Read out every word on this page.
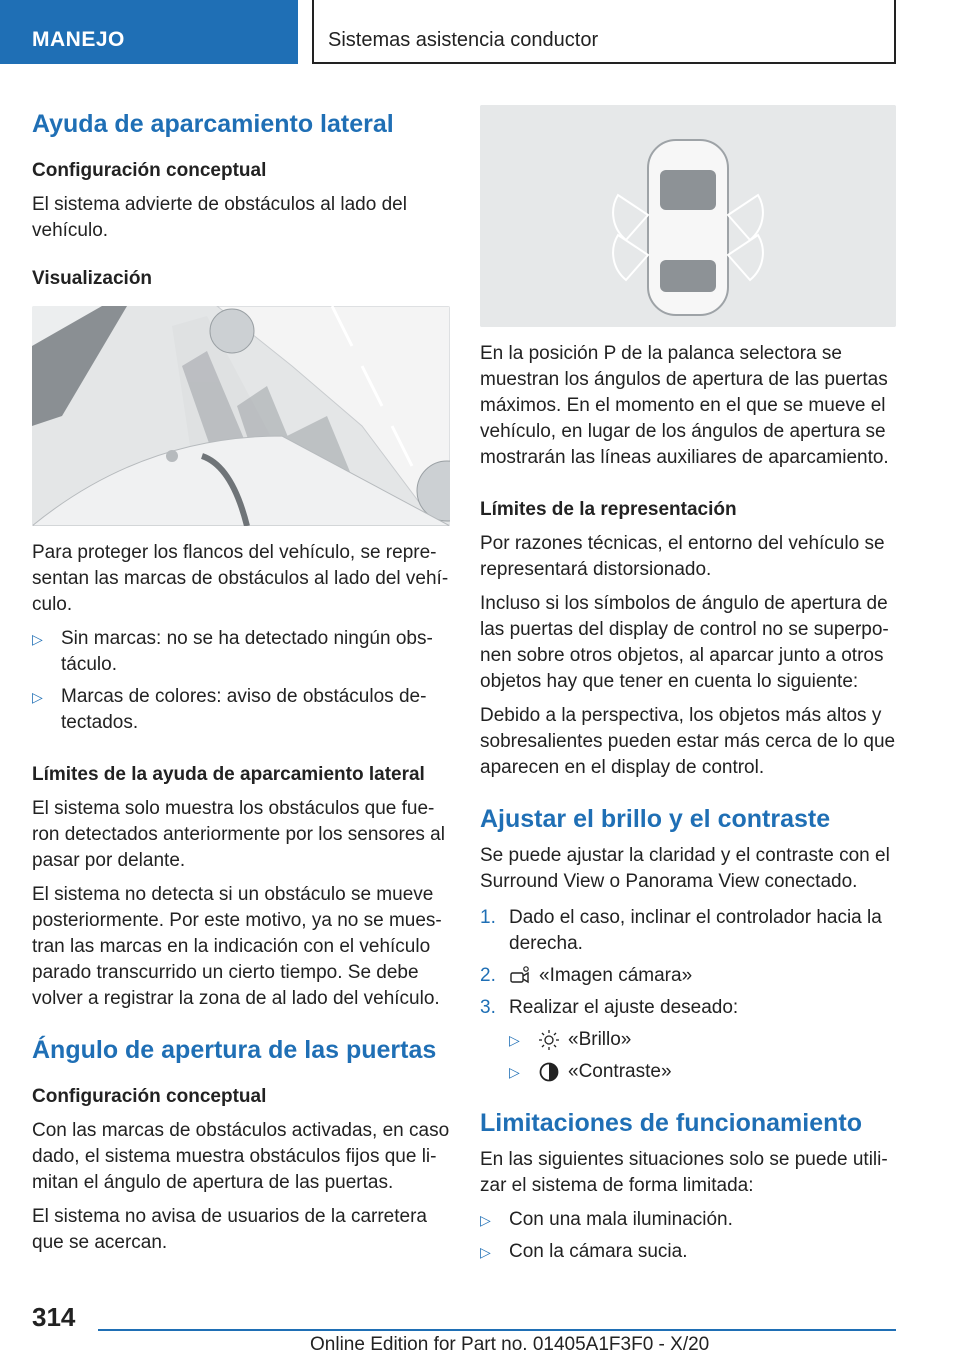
MANEJO	Sistemas asistencia conductor
Ayuda de aparcamiento lateral
Configuración conceptual

El sistema advierte de obstáculos al lado del vehículo.

Visualización

Para proteger los flancos del vehículo, se representan las marcas de obstáculos al lado del vehículo.

▷ Sin marcas: no se ha detectado ningún obstáculo.
▷ Marcas de colores: aviso de obstáculos detectados.
Límites de la ayuda de aparcamiento lateral

El sistema solo muestra los obstáculos que fueron detectados anteriormente por los sensores al pasar por delante.

El sistema no detecta si un obstáculo se mueve posteriormente. Por este motivo, ya no se muestran las marcas en la indicación con el vehículo parado transcurrido un cierto tiempo. Se debe volver a registrar la zona de al lado del vehículo.

Ángulo de apertura de las puertas
Configuración conceptual

Con las marcas de obstáculos activadas, en caso dado, el sistema muestra obstáculos fijos que limitan el ángulo de apertura de las puertas.

El sistema no avisa de usuarios de la carretera que se acercan.

En la posición P de la palanca selectora se muestran los ángulos de apertura de las puertas máximos. En el momento en el que se mueve el vehículo, en lugar de los ángulos de apertura se mostrarán las líneas auxiliares de aparcamiento.

Límites de la representación

Por razones técnicas, el entorno del vehículo se representará distorsionado.

Incluso si los símbolos de ángulo de apertura de las puertas del display de control no se superponen sobre otros objetos, al aparcar junto a otros objetos hay que tener en cuenta lo siguiente:

Debido a la perspectiva, los objetos más altos y sobresalientes pueden estar más cerca de lo que aparecen en el display de control.

Ajustar el brillo y el contraste

Se puede ajustar la claridad y el contraste con el Surround View o Panorama View conectado.

1. Dado el caso, inclinar el controlador hacia la derecha.
2. «Imagen cámara»
3. Realizar el ajuste deseado:
▷	«Brillo»
▷	«Contraste»
Limitaciones de funcionamiento

En las siguientes situaciones solo se puede utilizar el sistema de forma limitada:

▷ Con una mala iluminación.
▷ Con la cámara sucia.
314
Online Edition for Part no. 01405A1F3F0 - X/20
